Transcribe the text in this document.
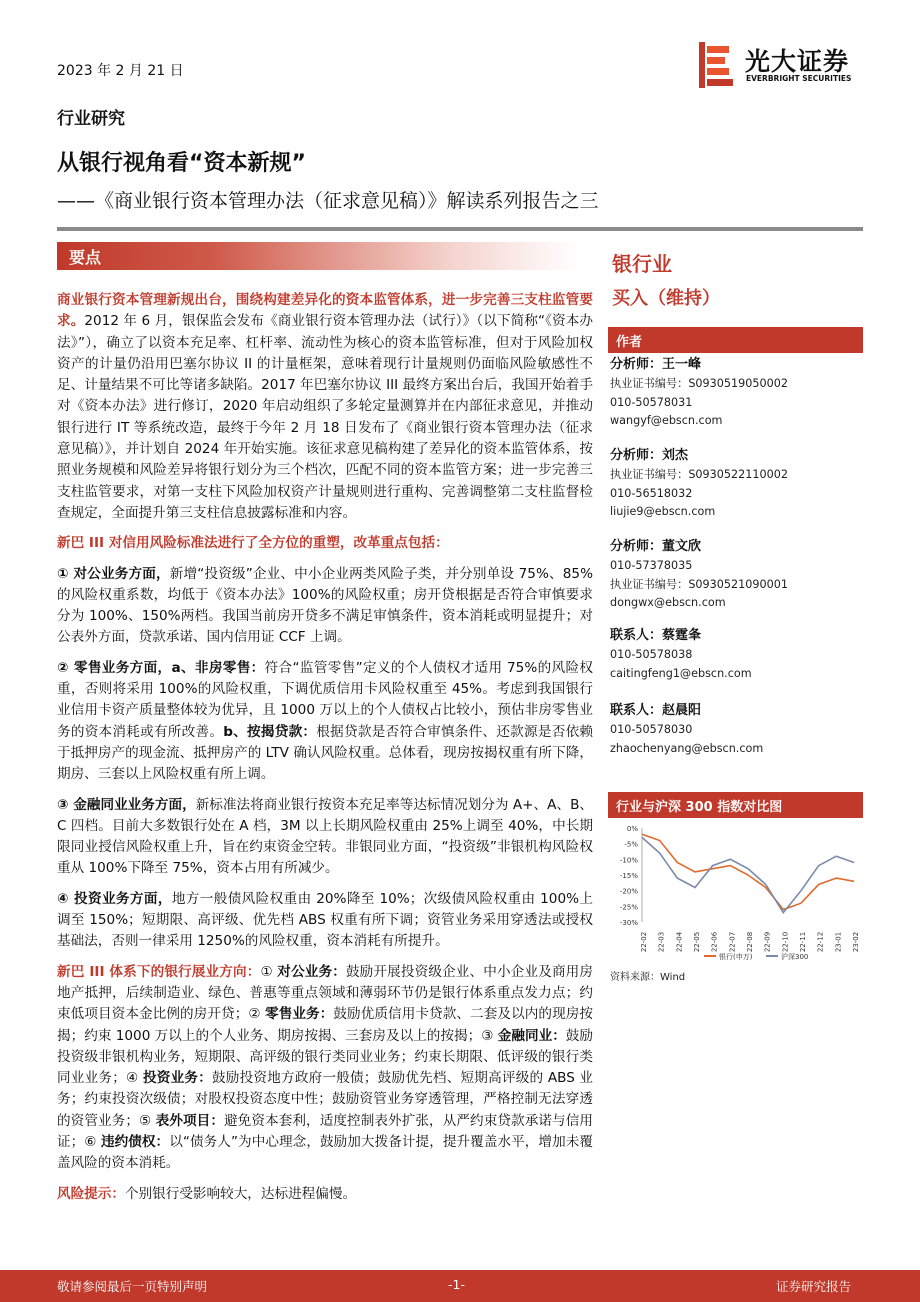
2023 年 2 月 21 日	光大证券
EVERBRIGHT SECURITIES
行业研究
从银行视角看“资本新规”
——《商业银行资本管理办法（征求意见稿）》解读系列报告之三
要点

商业银行资本管理新规出台，围绕构建差异化的资本监管体系，进一步完善三支柱监管要求。2012 年 6 月，银保监会发布《商业银行资本管理办法（试行）》（以下简称“《资本办法》”），确立了以资本充足率、杠杆率、流动性为核心的资本监管标准，但对于风险加权资产的计量仍沿用巴塞尔协议 II 的计量框架，意味着现行计量规则仍面临风险敏感性不足、计量结果不可比等诸多缺陷。2017 年巴塞尔协议 III 最终方案出台后，我国开始着手对《资本办法》进行修订，2020 年启动组织了多轮定量测算并在内部征求意见，并推动银行进行 IT 等系统改造，最终于今年 2 月 18 日发布了《商业银行资本管理办法（征求意见稿）》，并计划自 2024 年开始实施。该征求意见稿构建了差异化的资本监管体系，按照业务规模和风险差异将银行划分为三个档次，匹配不同的资本监管方案；进一步完善三支柱监管要求，对第一支柱下风险加权资产计量规则进行重构、完善调整第二支柱监督检查规定，全面提升第三支柱信息披露标准和内容。

新巴 III 对信用风险标准法进行了全方位的重塑，改革重点包括：

① 对公业务方面，新增“投资级”企业、中小企业两类风险子类，并分别单设 75%、85%的风险权重系数，均低于《资本办法》100%的风险权重；房开贷根据是否符合审慎要求分为 100%、150%两档。我国当前房开贷多不满足审慎条件，资本消耗或明显提升；对公表外方面，贷款承诺、国内信用证 CCF 上调。

② 零售业务方面，a、非房零售：符合“监管零售”定义的个人债权才适用 75%的风险权重，否则将采用 100%的风险权重，下调优质信用卡风险权重至 45%。考虑到我国银行业信用卡资产质量整体较为优异，且 1000 万以上的个人债权占比较小，预估非房零售业务的资本消耗或有所改善。b、按揭贷款：根据贷款是否符合审慎条件、还款源是否依赖于抵押房产的现金流、抵押房产的 LTV 确认风险权重。总体看，现房按揭权重有所下降，期房、三套以上风险权重有所上调。

③ 金融同业业务方面，新标准法将商业银行按资本充足率等达标情况划分为 A+、A、B、C 四档。目前大多数银行处在 A 档，3M 以上长期风险权重由 25%上调至 40%，中长期限同业授信风险权重上升，旨在约束资金空转。非银同业方面，“投资级”非银机构风险权重从 100%下降至 75%，资本占用有所减少。

④ 投资业务方面，地方一般债风险权重由 20%降至 10%；次级债风险权重由 100%上调至 150%；短期限、高评级、优先档 ABS 权重有所下调；资管业务采用穿透法或授权基础法，否则一律采用 1250%的风险权重，资本消耗有所提升。

新巴 III 体系下的银行展业方向：① 对公业务：鼓励开展投资级企业、中小企业及商用房地产抵押，后续制造业、绿色、普惠等重点领域和薄弱环节仍是银行体系重点发力点；约束低项目资本金比例的房开贷；② 零售业务：鼓励优质信用卡贷款、二套及以内的现房按揭；约束 1000 万以上的个人业务、期房按揭、三套房及以上的按揭；③ 金融同业：鼓励投资级非银机构业务，短期限、高评级的银行类同业业务；约束长期限、低评级的银行类同业业务；④ 投资业务：鼓励投资地方政府一般债；鼓励优先档、短期高评级的 ABS 业务；约束投资次级债；对股权投资态度中性；鼓励资管业务穿透管理，严格控制无法穿透的资管业务；⑤ 表外项目：避免资本套利，适度控制表外扩张，从严约束贷款承诺与信用证；⑥ 违约债权：以“债务人”为中心理念，鼓励加大拨备计提，提升覆盖水平，增加未覆盖风险的资本消耗。

风险提示：个别银行受影响较大，达标进程偏慢。

银行业
买入（维持）
作者
分析师：王一峰
执业证书编号：S0930519050002
010-50578031
wangyf@ebscn.com
分析师：刘杰
执业证书编号：S0930522110002
010-56518032
liujie9@ebscn.com
分析师：董文欣
010-57378035
执业证书编号：S0930521090001
dongwx@ebscn.com
联系人：蔡霆夆
010-50578038
caitingfeng1@ebscn.com
联系人：赵晨阳
010-50578030
zhaochenyang@ebscn.com
行业与沪深 300 指数对比图
0%
-5%
-10%
-15%
-20%
-25%
-30%
22-02 22-03 22-04 22-05 22-06 22-07 22-08 22-09 22-10 22-11 22-12 23-01 23-02
银行(申万)	沪深300
资料来源：Wind
敬请参阅最后一页特别声明	-1-	证券研究报告
